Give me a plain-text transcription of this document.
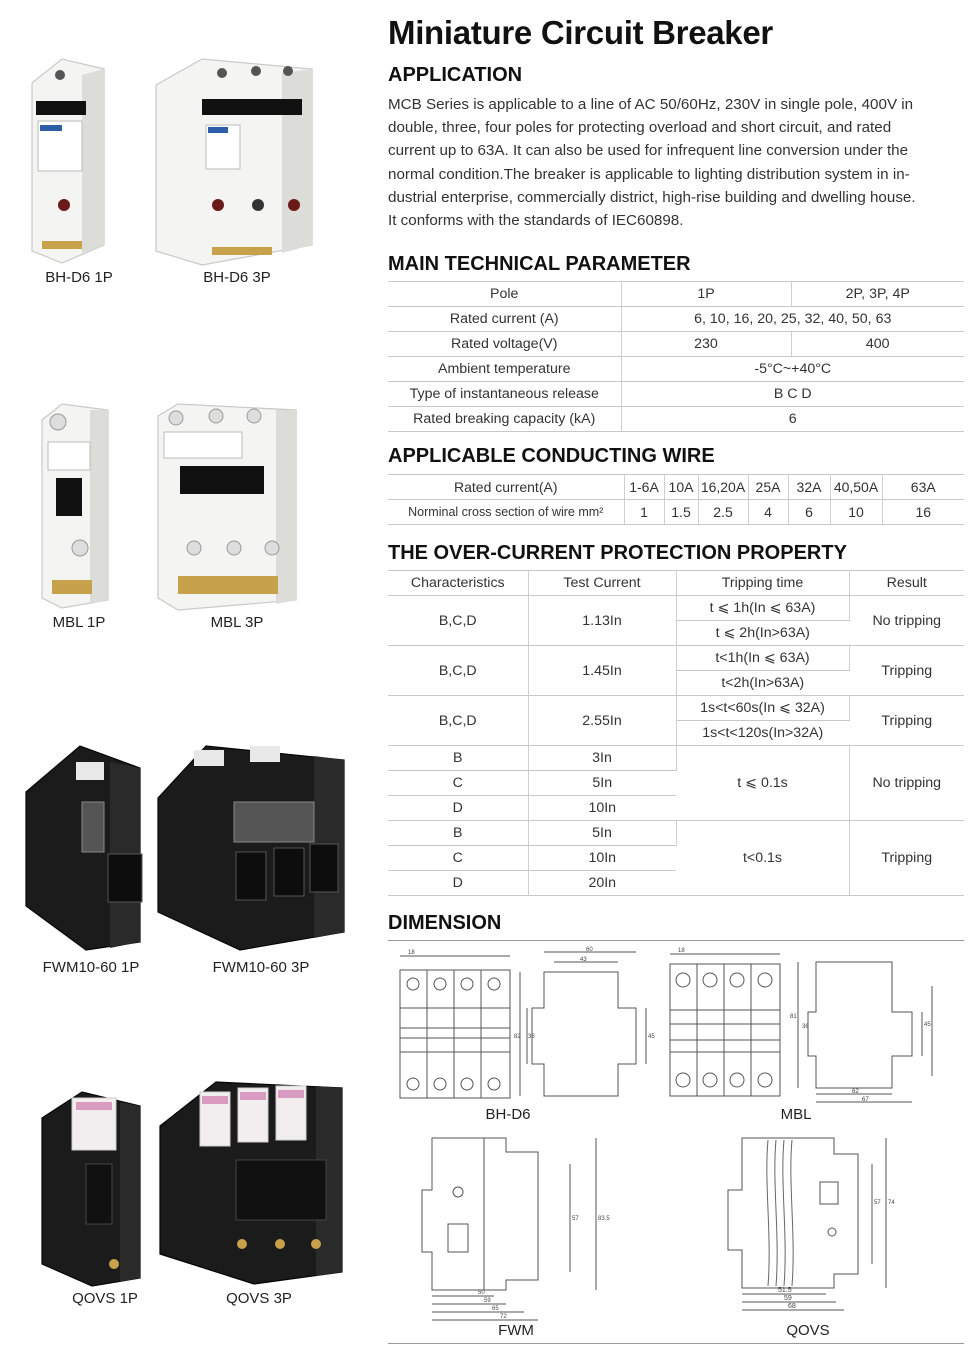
BH-D6 1P	BH-D6 3P
MBL 1P	MBL 3P
FWM10-60 1P	FWM10-60 3P
QOVS 1P	QOVS 3P
Miniature Circuit Breaker
APPLICATION
MCB Series is applicable to a line of AC 50/60Hz, 230V in single pole, 400V in
double, three, four poles for protecting overload and short circuit, and rated
current up to 63A. It can also be used for infrequent line conversion under the
normal condition.The breaker is applicable to lighting distribution system in in-
dustrial enterprise, commercially district, high-rise building and dwelling house.
It conforms with the standards of IEC60898.
MAIN TECHNICAL PARAMETER
Pole	1P	2P, 3P, 4P
Rated current (A)	6, 10, 16, 20, 25, 32, 40, 50, 63	
Rated voltage(V)	230	400
Ambient temperature	-5°C~+40°C	
Type of instantaneous release	B C D	
Rated breaking capacity (kA)	6	
APPLICABLE CONDUCTING WIRE
Rated current(A)	1-6A	10A	16,20A	25A	32A	40,50A	63A
Norminal cross section of wire mm²	1	1.5	2.5	4	6	10	16
THE OVER-CURRENT PROTECTION PROPERTY
Characteristics	Test Current	Tripping time	Result
B,C,D	1.13In	t ⩽ 1h(In ⩽ 63A)	No tripping
		t ⩽ 2h(In>63A)	
B,C,D	1.45In	t<1h(In ⩽ 63A)	Tripping
		t<2h(In>63A)	
B,C,D	2.55In	1s<t<60s(In ⩽ 32A)	Tripping
		1s<t<120s(In>32A)	
B	3In	t ⩽ 0.1s	No tripping
C	5In		
D	10In		
B	5In	t<0.1s	Tripping
C	10In		
D	20In		
DIMENSION
18	60
43
82 36	45
BH-D6
18
81
36	45
62
67
MBL
57	83.5
50
59
65
72
FWM
57 74
51.5
59
68
QOVS
